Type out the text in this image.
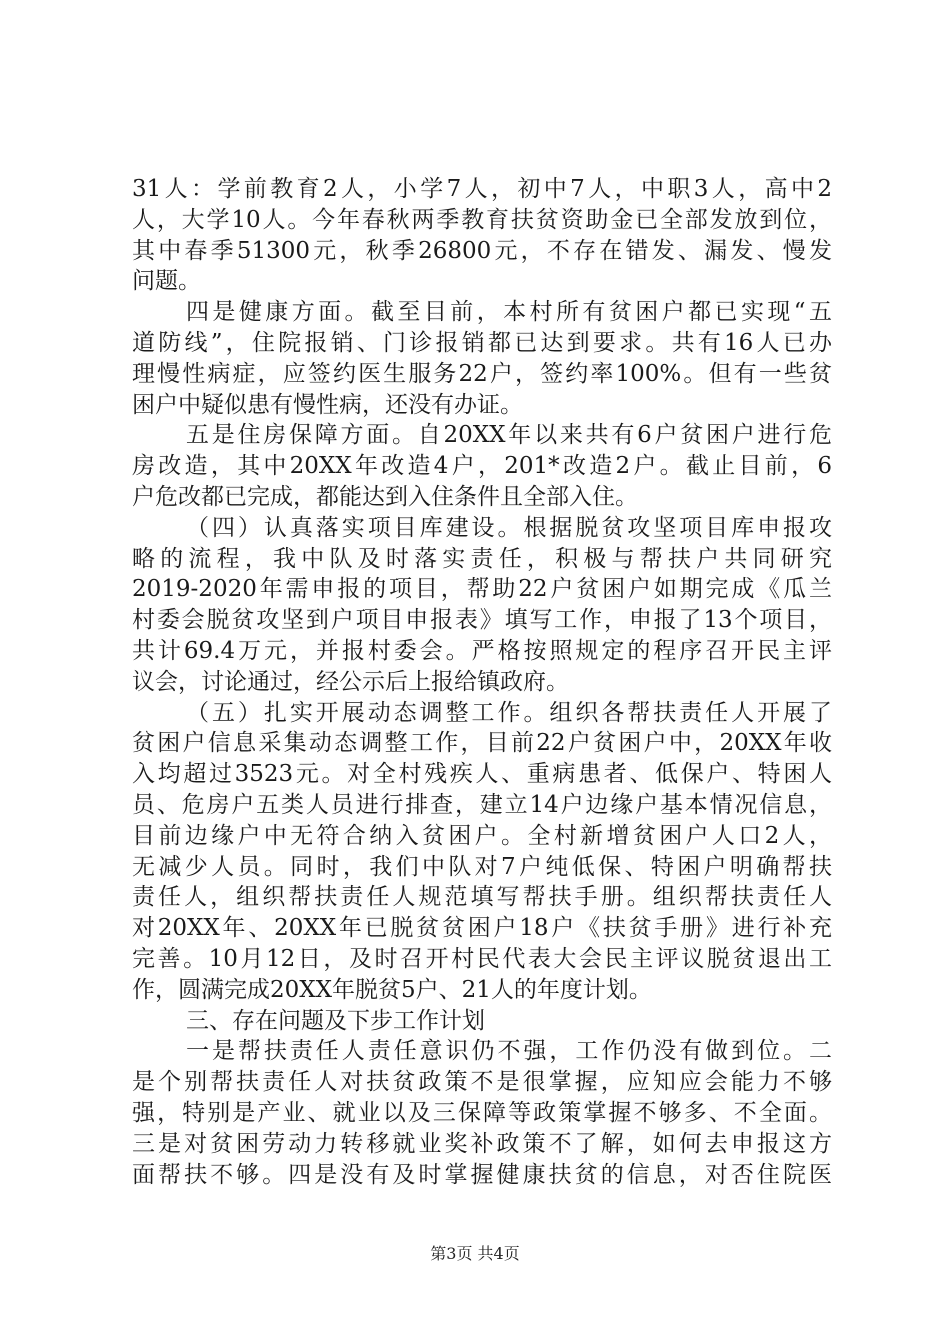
31人：学前教育2人，小学7人，初中7人，中职3人，高中2
人，大学10人。今年春秋两季教育扶贫资助金已全部发放到位，
其中春季51300元，秋季26800元，不存在错发、漏发、慢发
问题。
四是健康方面。截至目前，本村所有贫困户都已实现“五
道防线”，住院报销、门诊报销都已达到要求。共有16人已办
理慢性病症，应签约医生服务22户，签约率100%。但有一些贫
困户中疑似患有慢性病，还没有办证。
五是住房保障方面。自20XX年以来共有6户贫困户进行危
房改造，其中20XX年改造4户，201*改造2户。截止目前，6
户危改都已完成，都能达到入住条件且全部入住。
（四）认真落实项目库建设。根据脱贫攻坚项目库申报攻
略的流程，我中队及时落实责任，积极与帮扶户共同研究
2019-2020年需申报的项目，帮助22户贫困户如期完成《瓜兰
村委会脱贫攻坚到户项目申报表》填写工作，申报了13个项目，
共计69.4万元，并报村委会。严格按照规定的程序召开民主评
议会，讨论通过，经公示后上报给镇政府。
（五）扎实开展动态调整工作。组织各帮扶责任人开展了
贫困户信息采集动态调整工作，目前22户贫困户中，20XX年收
入均超过3523元。对全村残疾人、重病患者、低保户、特困人
员、危房户五类人员进行排查，建立14户边缘户基本情况信息，
目前边缘户中无符合纳入贫困户。全村新增贫困户人口2人，
无减少人员。同时，我们中队对7户纯低保、特困户明确帮扶
责任人，组织帮扶责任人规范填写帮扶手册。组织帮扶责任人
对20XX年、20XX年已脱贫贫困户18户《扶贫手册》进行补充
完善。10月12日，及时召开村民代表大会民主评议脱贫退出工
作，圆满完成20XX年脱贫5户、21人的年度计划。
三、存在问题及下步工作计划
一是帮扶责任人责任意识仍不强，工作仍没有做到位。二
是个别帮扶责任人对扶贫政策不是很掌握，应知应会能力不够
强，特别是产业、就业以及三保障等政策掌握不够多、不全面。
三是对贫困劳动力转移就业奖补政策不了解，如何去申报这方
面帮扶不够。四是没有及时掌握健康扶贫的信息，对否住院医
第3页 共4页
